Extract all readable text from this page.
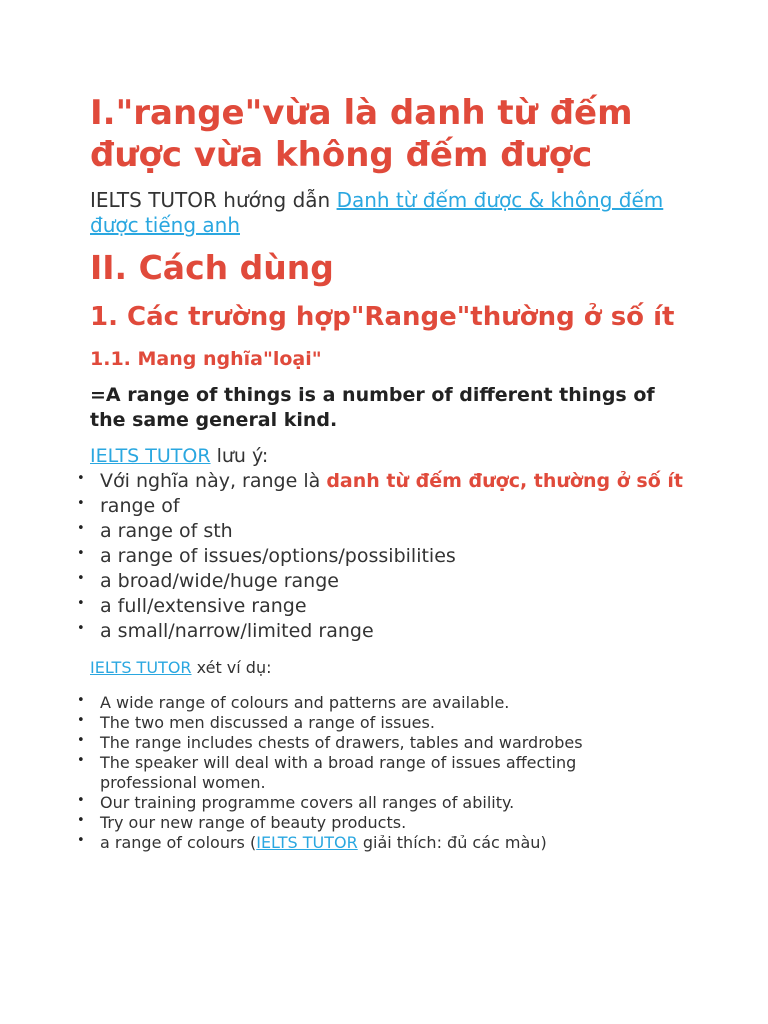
I."range"vừa là danh từ đếm
được vừa không đếm được
IELTS TUTOR hướng dẫn Danh từ đếm được & không đếm được tiếng anh
II. Cách dùng
1. Các trường hợp"Range"thường ở số ít
1.1. Mang nghĩa"loại"
=A range of things is a number of different things of the same general kind.
IELTS TUTOR lưu ý:
• Với nghĩa này, range là danh từ đếm được, thường ở số ít
• range of
• a range of sth
• a range of issues/options/possibilities
• a broad/wide/huge range
• a full/extensive range
• a small/narrow/limited range
IELTS TUTOR xét ví dụ:
• A wide range of colours and patterns are available.
• The two men discussed a range of issues.
• The range includes chests of drawers, tables and wardrobes
• The speaker will deal with a broad range of issues affecting professional women.
• Our training programme covers all ranges of ability.
• Try our new range of beauty products.
• a range of colours (IELTS TUTOR giải thích: đủ các màu)
